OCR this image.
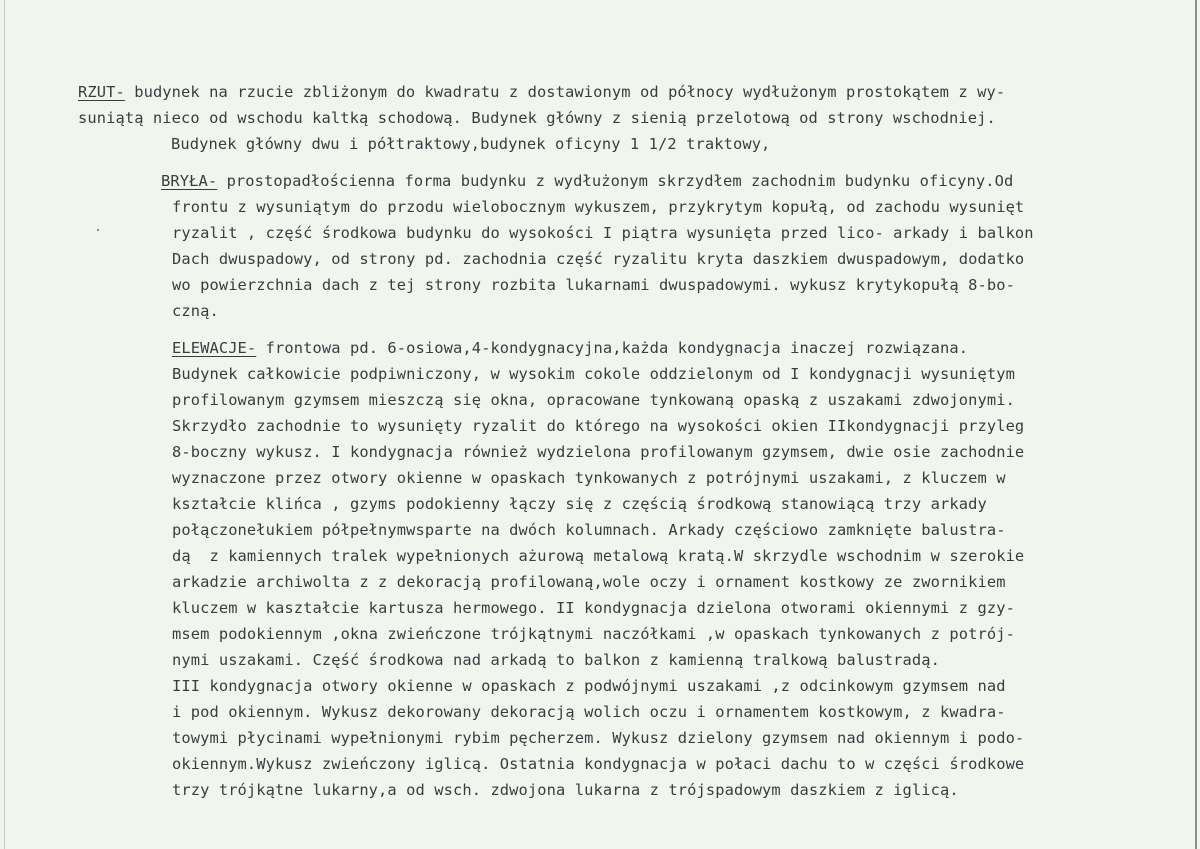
RZUT- budynek na rzucie zbliżonym do kwadratu z dostawionym od północy wydłużonym prostokątem z wy-
suniątą nieco od wschodu kaltką schodową. Budynek główny z sienią przelotową od strony wschodniej.
Budynek główny dwu i półtraktowy,budynek oficyny 1 1/2 traktowy,
BRYŁA- prostopadłościenna forma budynku z wydłużonym skrzydłem zachodnim budynku oficyny.Od
frontu z wysuniątym do przodu wielobocznym wykuszem, przykrytym kopułą, od zachodu wysunięt
ryzalit , część środkowa budynku do wysokości I piątra wysunięta przed lico- arkady i balkon
Dach dwuspadowy, od strony pd. zachodnia część ryzalitu kryta daszkiem dwuspadowym, dodatko
wo powierzchnia dach z tej strony rozbita lukarnami dwuspadowymi. wykusz krytykopułą 8-bo-
czną.
ELEWACJE- frontowa pd. 6-osiowa,4-kondygnacyjna,każda kondygnacja inaczej rozwiązana.
Budynek całkowicie podpiwniczony, w wysokim cokole oddzielonym od I kondygnacji wysuniętym
profilowanym gzymsem mieszczą się okna, opracowane tynkowaną opaską z uszakami zdwojonymi.
Skrzydło zachodnie to wysunięty ryzalit do którego na wysokości okien IIkondygnacji przyleg
8-boczny wykusz. I kondygnacja również wydzielona profilowanym gzymsem, dwie osie zachodnie
wyznaczone przez otwory okienne w opaskach tynkowanych z potrójnymi uszakami, z kluczem w
kształcie klińca , gzyms podokienny łączy się z częścią środkową stanowiącą trzy arkady
połączonełukiem półpełnymwsparte na dwóch kolumnach. Arkady częściowo zamknięte balustra-
dą  z kamiennych tralek wypełnionych ażurową metalową kratą.W skrzydle wschodnim w szerokie
arkadzie archiwolta z z dekoracją profilowaną,wole oczy i ornament kostkowy ze zwornikiem
kluczem w kaształcie kartusza hermowego. II kondygnacja dzielona otworami okiennymi z gzy-
msem podokiennym ,okna zwieńczone trójkątnymi naczółkami ,w opaskach tynkowanych z potrój-
nymi uszakami. Część środkowa nad arkadą to balkon z kamienną tralkową balustradą.
III kondygnacja otwory okienne w opaskach z podwójnymi uszakami ,z odcinkowym gzymsem nad
i pod okiennym. Wykusz dekorowany dekoracją wolich oczu i ornamentem kostkowym, z kwadra-
towymi płycinami wypełnionymi rybim pęcherzem. Wykusz dzielony gzymsem nad okiennym i podo-
okiennym.Wykusz zwieńczony iglicą. Ostatnia kondygnacja w połaci dachu to w części środkowe
trzy trójkątne lukarny,a od wsch. zdwojona lukarna z trójspadowym daszkiem z iglicą.
